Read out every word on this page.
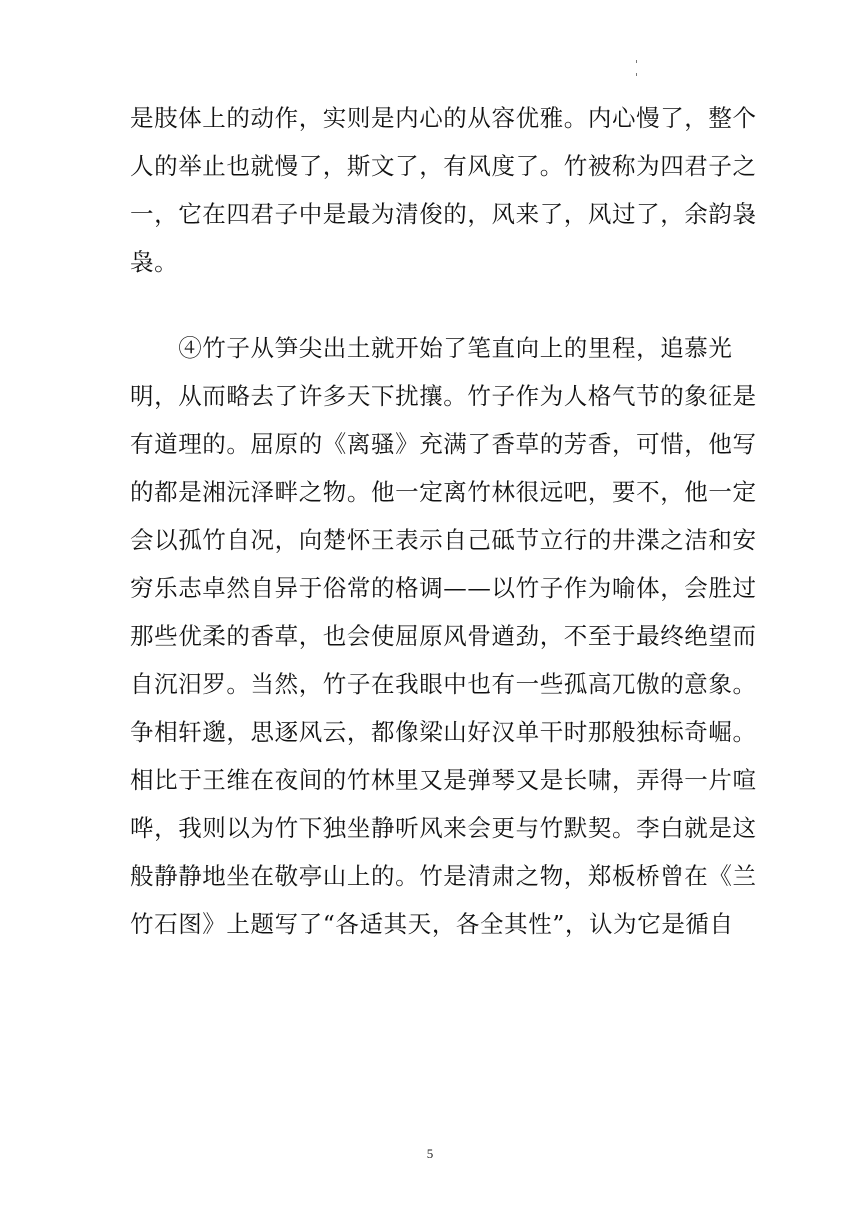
是肢体上的动作，实则是内心的从容优雅。内心慢了，整个
人的举止也就慢了，斯文了，有风度了。竹被称为四君子之
一，它在四君子中是最为清俊的，风来了，风过了，余韵袅
袅。
　　④竹子从笋尖出土就开始了笔直向上的里程，追慕光
明，从而略去了许多天下扰攘。竹子作为人格气节的象征是
有道理的。屈原的《离骚》充满了香草的芳香，可惜，他写
的都是湘沅泽畔之物。他一定离竹林很远吧，要不，他一定
会以孤竹自况，向楚怀王表示自己砥节立行的井渫之洁和安
穷乐志卓然自异于俗常的格调——以竹子作为喻体，会胜过
那些优柔的香草，也会使屈原风骨遒劲，不至于最终绝望而
自沉汨罗。当然，竹子在我眼中也有一些孤高兀傲的意象。
争相轩邈，思逐风云，都像梁山好汉单干时那般独标奇崛。
相比于王维在夜间的竹林里又是弹琴又是长啸，弄得一片喧
哗，我则以为竹下独坐静听风来会更与竹默契。李白就是这
般静静地坐在敬亭山上的。竹是清肃之物，郑板桥曾在《兰
竹石图》上题写了“各适其天，各全其性”，认为它是循自
5
